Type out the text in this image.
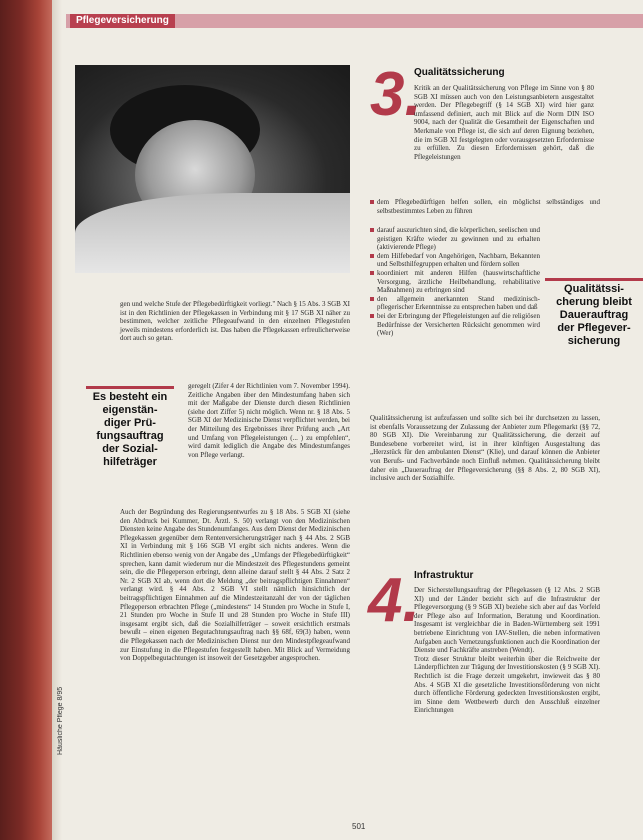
Pflegeversicherung
gen und welche Stufe der Pflegebedürftigkeit vorliegt." Nach § 15 Abs. 3 SGB XI ist in den Richtlinien der Pflegekassen in Verbindung mit § 17 SGB XI näher zu bestimmen, welcher zeitliche Pflegeaufwand in den einzelnen Pflegestufen jeweils mindestens erforderlich ist. Das haben die Pflegekassen erfreulicherweise dort auch so getan.
Es besteht ein
eigenstän-
diger Prü-
fungsauftrag
der Sozial-
hilfeträger
geregelt (Zifer 4 der Richtlinien vom 7. November 1994). Zeitliche Angaben über den Mindestumfang haben sich mit der Maßgabe der Dienste durch diesen Richtlinien (siehe dort Ziffer 5) nicht möglich. Wenn nr. § 18 Abs. 5 SGB XI der Medizinische Dienst verpflichtet werden, bei der Mitteilung des Ergebnisses ihrer Prüfung auch „Art und Umfang von Pflegeleistungen (... ) zu empfehlen“, wird damit lediglich die Angabe des Mindestumfanges von Pflege verlangt.
Auch der Begründung des Regierungsentwurfes zu § 18 Abs. 5 SGB XI (siehe den Abdruck bei Kummer, Dt. Ärztl. S. 50) verlangt von den Medizinischen Diensten keine Angabe des Stundenumfanges. Aus dem Dienst der Medizinischen Pflegekassen gegenüber dem Rentenversicherungsträger nach § 44 Abs. 2 SGB XI in Verbindung mit § 166 SGB VI ergibt sich nichts anderes. Wenn die Richtlinien ebenso wenig von der Angabe des „Umfangs der Pflegebedürftigkeit“ sprechen, kann damit wiederum nur die Mindestzeit des Pflegestundens gemeint sein, die die Pflegeperson erbringt, denn alleine darauf stellt § 44 Abs. 2 Satz 2 Nr. 2 SGB XI ab, wenn dort die Meldung „der beitragspflichtigen Einnahmen“ verlangt wird. § 44 Abs. 2 SGB VI stellt nämlich hinsichtlich der beitragspflichtigen Einnahmen auf die Mindestzeitanzahl der von der täglichen Pflegeperson erbrachten Pflege („mindestens“ 14 Stunden pro Woche in Stufe I, 21 Stunden pro Woche in Stufe II und 28 Stunden pro Woche in Stufe III) insgesamt ergibt sich, daß die Sozialhilfeträger – soweit ersichtlich erstmals bewußt – einen eigenen Begutachtungsauftrag nach §§ 68f, 69(3) haben, wenn die Pflegekassen nach der Medizinischen Dienst nur den Mindestpflegeaufwand zur Einstufung in die Pflegestufen festgestellt haben. Mit Blick auf Vermeidung von Doppelbegutachtungen ist insoweit der Gesetzgeber angesprochen.
3.
Qualitätssicherung
Kritik an der Qualitätssicherung von Pflege im Sinne von § 80 SGB XI müssen auch von den Leistungsanbietern ausgestaltet werden. Der Pflegebegriff (§ 14 SGB XI) wird hier ganz umfassend definiert, auch mit Blick auf die Norm DIN ISO 9004, nach der Qualität die Gesamtheit der Eigenschaften und Merkmale von Pflege ist, die sich auf deren Eignung beziehen, die im SGB XI festgelegten oder vorausgesetzten Erfordernisse zu erfüllen. Zu diesen Erfordernissen gehört, daß die Pflegeleistungen
dem Pflegebedürftigen helfen sollen, ein möglichst selbständiges und selbstbestimmtes Leben zu führen
darauf auszurichten sind, die körperlichen, seelischen und geistigen Kräfte wieder zu gewinnen und zu erhalten (aktivierende Pflege)
dem Hilfebedarf von Angehörigen, Nachbarn, Bekannten und Selbsthilfegruppen erhalten und fördern sollen
koordiniert mit anderen Hilfen (hauswirtschaftliche Versorgung, ärztliche Heilbehandlung, rehabilitative Maßnahmen) zu erbringen sind
den allgemein anerkannten Stand medizinisch-pflegerischer Erkenntnisse zu entsprechen haben und daß
bei der Erbringung der Pflegeleistungen auf die religiösen Bedürfnisse der Versicherten Rücksicht genommen wird (Wer)
Qualitätssi-
cherung bleibt
Dauerauftrag
der Pflegever-
sicherung
Qualitätssicherung ist aufzufassen und sollte sich bei ihr durchsetzen zu lassen, ist ebenfalls Voraussetzung der Zulassung der Anbieter zum Pflegemarkt (§§ 72, 80 SGB XI). Die Vereinbarung zur Qualitätssicherung, die derzeit auf Bundesebene vorbereitet wird, ist in ihrer künftigen Ausgestaltung das „Herzstück für den ambulanten Dienst“ (Klie), und darauf können die Anbieter von Berufs- und Fachverbände noch Einfluß nehmen. Qualitätssicherung bleibt daher ein „Dauerauftrag der Pflegeversicherung (§§ 8 Abs. 2, 80 SGB XI), inclusive auch der Sozialhilfe.
4.
Infrastruktur
Der Sicherstellungsauftrag der Pflegekassen (§ 12 Abs. 2 SGB XI) und der Länder bezieht sich auf die Infrastruktur der Pflegeversorgung (§ 9 SGB XI) beziehe sich aber auf das Vorfeld der Pflege also auf Information, Beratung und Koordination. Insgesamt ist vergleichbar die in Baden-Württemberg seit 1991 betriebene Einrichtung von IAV-Stellen, die neben informativen Aufgaben auch Vernetzungsfunktionen auch die Koordination der Dienste und Fachkräfte anstreben (Wendt).
Trotz dieser Struktur bleibt weiterhin über die Reichweite der Länderpflichten zur Trägung der Investitionskosten (§ 9 SGB XI). Rechtlich ist die Frage derzeit umgekehrt, inwieweit das § 80 Abs. 4 SGB XI die gesetzliche Investitionsförderung von nicht durch öffentliche Förderung gedeckten Investitionskosten ergibt, im Sinne dem Wettbewerb durch den Ausschluß einzelner Einrichtungen
Häusliche Pflege 8/95
501
